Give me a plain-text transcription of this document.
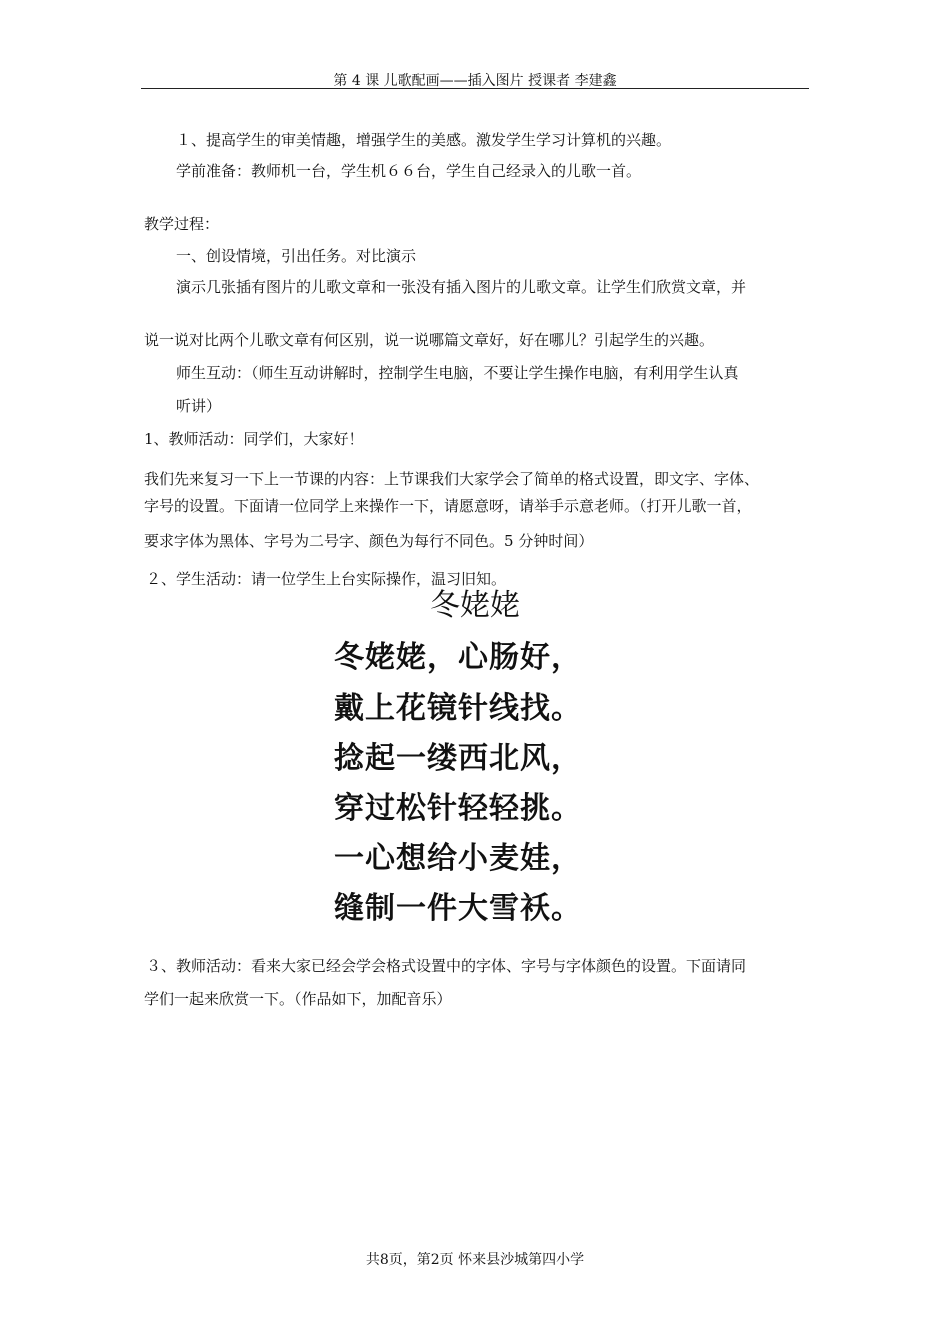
第 4 课 儿歌配画——插入图片 授课者 李建鑫
１、提高学生的审美情趣，增强学生的美感。激发学生学习计算机的兴趣。
学前准备：教师机一台，学生机６６台，学生自己经录入的儿歌一首。
教学过程：
一、创设情境，引出任务。对比演示
演示几张插有图片的儿歌文章和一张没有插入图片的儿歌文章。让学生们欣赏文章，并
说一说对比两个儿歌文章有何区别，说一说哪篇文章好，好在哪儿？引起学生的兴趣。
师生互动：（师生互动讲解时，控制学生电脑，不要让学生操作电脑，有利用学生认真
听讲）
1、教师活动：同学们，大家好！
我们先来复习一下上一节课的内容：上节课我们大家学会了简单的格式设置，即文字、字体、
字号的设置。下面请一位同学上来操作一下，请愿意呀，请举手示意老师。（打开儿歌一首，
要求字体为黑体、字号为二号字、颜色为每行不同色。5 分钟时间）
２、学生活动：请一位学生上台实际操作，温习旧知。
冬姥姥
冬姥姥，心肠好，
戴上花镜针线找。
捻起一缕西北风，
穿过松针轻轻挑。
一心想给小麦娃，
缝制一件大雪袄。
３、教师活动：看来大家已经会学会格式设置中的字体、字号与字体颜色的设置。下面请同
学们一起来欣赏一下。（作品如下，加配音乐）
共8页，第2页 怀来县沙城第四小学
